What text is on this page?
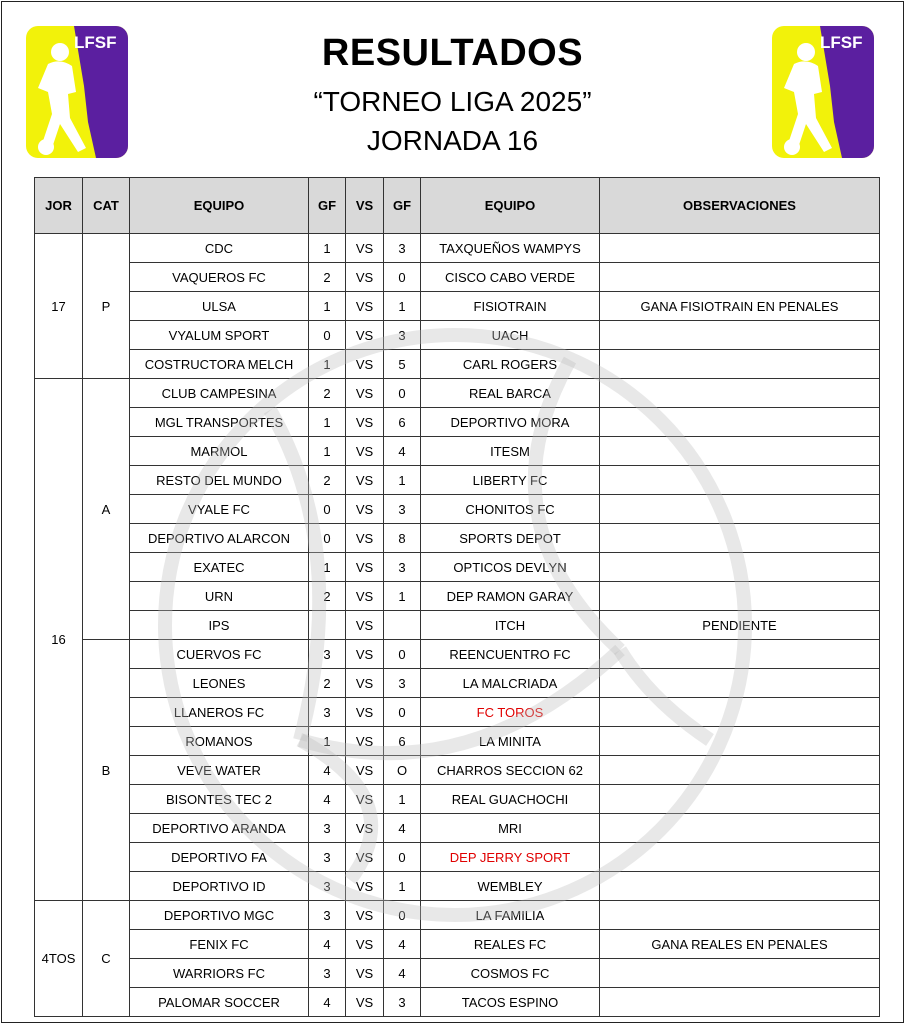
LFSF	LFSF
RESULTADOS
“TORNEO LIGA 2025”
JORNADA 16
JOR	CAT	EQUIPO	GF	VS	GF	EQUIPO	OBSERVACIONES
17	P	CDC	1	VS	3	TAXQUEÑOS WAMPYS	
		VAQUEROS FC	2	VS	0	CISCO CABO VERDE	
		ULSA	1	VS	1	FISIOTRAIN	GANA FISIOTRAIN EN PENALES
		VYALUM SPORT	0	VS	3	UACH	
		COSTRUCTORA MELCH	1	VS	5	CARL ROGERS	
16	A	CLUB CAMPESINA	2	VS	0	REAL BARCA	
		MGL TRANSPORTES	1	VS	6	DEPORTIVO MORA	
		MARMOL	1	VS	4	ITESM	
		RESTO DEL MUNDO	2	VS	1	LIBERTY FC	
		VYALE FC	0	VS	3	CHONITOS FC	
		DEPORTIVO ALARCON	0	VS	8	SPORTS DEPOT	
		EXATEC	1	VS	3	OPTICOS DEVLYN	
		URN	2	VS	1	DEP RAMON GARAY	
		IPS		VS		ITCH	PENDIENTE
	B	CUERVOS FC	3	VS	0	REENCUENTRO FC	
		LEONES	2	VS	3	LA MALCRIADA	
		LLANEROS FC	3	VS	0	FC TOROS	
		ROMANOS	1	VS	6	LA MINITA	
		VEVE WATER	4	VS	O	CHARROS SECCION 62	
		BISONTES TEC 2	4	VS	1	REAL GUACHOCHI	
		DEPORTIVO ARANDA	3	VS	4	MRI	
		DEPORTIVO FA	3	VS	0	DEP JERRY SPORT	
		DEPORTIVO ID	3	VS	1	WEMBLEY	
4TOS	C	DEPORTIVO MGC	3	VS	0	LA FAMILIA	
		FENIX FC	4	VS	4	REALES FC	GANA REALES EN PENALES
		WARRIORS FC	3	VS	4	COSMOS FC	
		PALOMAR SOCCER	4	VS	3	TACOS ESPINO	
